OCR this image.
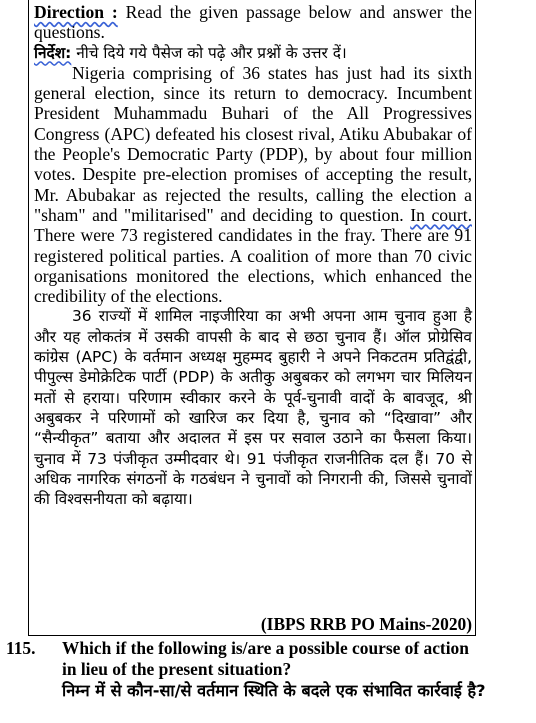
Direction : Read the given passage below and answer the questions.

निर्देश: नीचे दिये गये पैसेज को पढ़े और प्रश्नों के उत्तर दें।

Nigeria comprising of 36 states has just had its sixth general election, since its return to democracy. Incumbent President Muhammadu Buhari of the All Progressives Congress (APC) defeated his closest rival, Atiku Abubakar of the People's Democratic Party (PDP), by about four million votes. Despite pre-election promises of accepting the result, Mr. Abubakar as rejected the results, calling the election a "sham" and "militarised" and deciding to question. In court. There were 73 registered candidates in the fray. There are 91 registered political parties. A coalition of more than 70 civic organisations monitored the elections, which enhanced the credibility of the elections.

36 राज्यों में शामिल नाइजीरिया का अभी अपना आम चुनाव हुआ है और यह लोकतंत्र में उसकी वापसी के बाद से छठा चुनाव हैं। ऑल प्रोग्रेसिव कांग्रेस (APC) के वर्तमान अध्यक्ष मुहम्मद बुहारी ने अपने निकटतम प्रतिद्वंद्वी, पीपुल्स डेमोक्रेटिक पार्टी (PDP) के अतीकु अबुबकर को लगभग चार मिलियन मतों से हराया। परिणाम स्वीकार करने के पूर्व-चुनावी वादों के बावजूद, श्री अबुबकर ने परिणामों को खारिज कर दिया है, चुनाव को “दिखावा” और “सैन्यीकृत” बताया और अदालत में इस पर सवाल उठाने का फैसला किया। चुनाव में 73 पंजीकृत उम्मीदवार थे। 91 पंजीकृत राजनीतिक दल हैं। 70 से अधिक नागरिक संगठनों के गठबंधन ने चुनावों को निगरानी की, जिससे चुनावों की विश्वसनीयता को बढ़ाया।

(IBPS RRB PO Mains-2020)
115. Which if the following is/are a possible course of action in lieu of the present situation?
निम्न में से कौन-सा/से वर्तमान स्थिति के बदले एक संभावित कार्रवाई है?
